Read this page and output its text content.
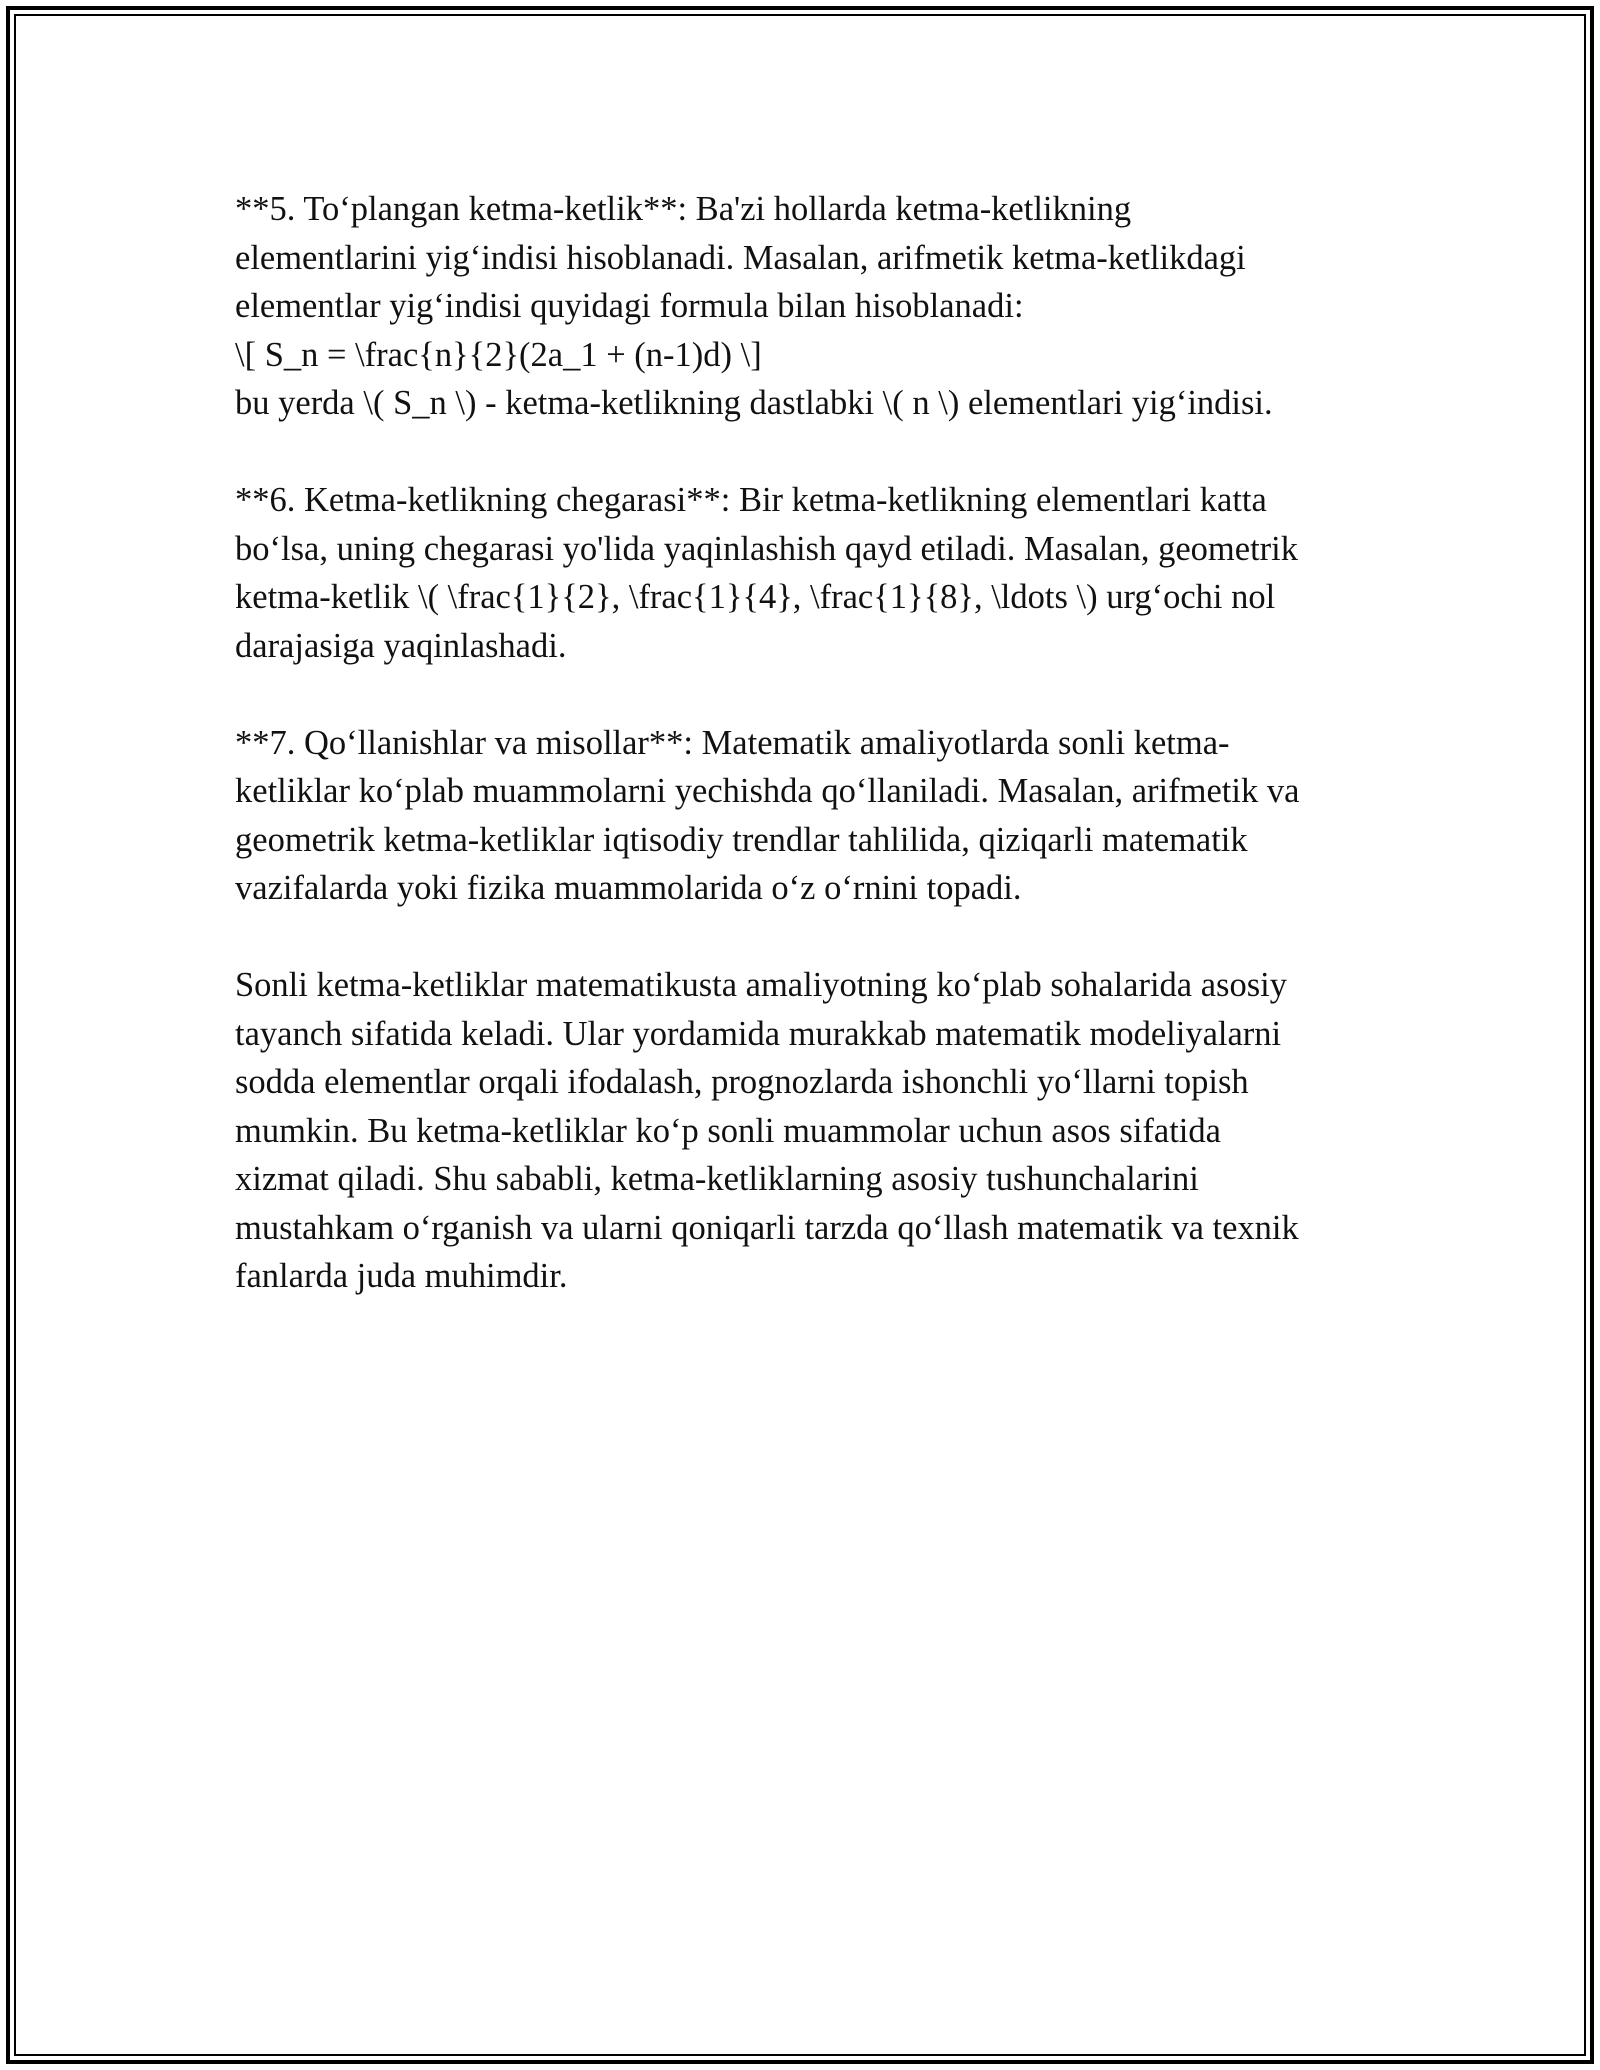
**5. To‘plangan ketma-ketlik**: Ba'zi hollarda ketma-ketlikning
elementlarini yig‘indisi hisoblanadi. Masalan, arifmetik ketma-ketlikdagi
elementlar yig‘indisi quyidagi formula bilan hisoblanadi:
\[ S_n = \frac{n}{2}(2a_1 + (n-1)d) \]
bu yerda \( S_n \) - ketma-ketlikning dastlabki \( n \) elementlari yig‘indisi.
**6. Ketma-ketlikning chegarasi**: Bir ketma-ketlikning elementlari katta
bo‘lsa, uning chegarasi yo'lida yaqinlashish qayd etiladi. Masalan, geometrik
ketma-ketlik \( \frac{1}{2}, \frac{1}{4}, \frac{1}{8}, \ldots \) urg‘ochi nol
darajasiga yaqinlashadi.
**7. Qo‘llanishlar va misollar**: Matematik amaliyotlarda sonli ketma-
ketliklar ko‘plab muammolarni yechishda qo‘llaniladi. Masalan, arifmetik va
geometrik ketma-ketliklar iqtisodiy trendlar tahlilida, qiziqarli matematik
vazifalarda yoki fizika muammolarida o‘z o‘rnini topadi.
Sonli ketma-ketliklar matematikusta amaliyotning ko‘plab sohalarida asosiy
tayanch sifatida keladi. Ular yordamida murakkab matematik modeliyalarni
sodda elementlar orqali ifodalash, prognozlarda ishonchli yo‘llarni topish
mumkin. Bu ketma-ketliklar ko‘p sonli muammolar uchun asos sifatida
xizmat qiladi. Shu sababli, ketma-ketliklarning asosiy tushunchalarini
mustahkam o‘rganish va ularni qoniqarli tarzda qo‘llash matematik va texnik
fanlarda juda muhimdir.
